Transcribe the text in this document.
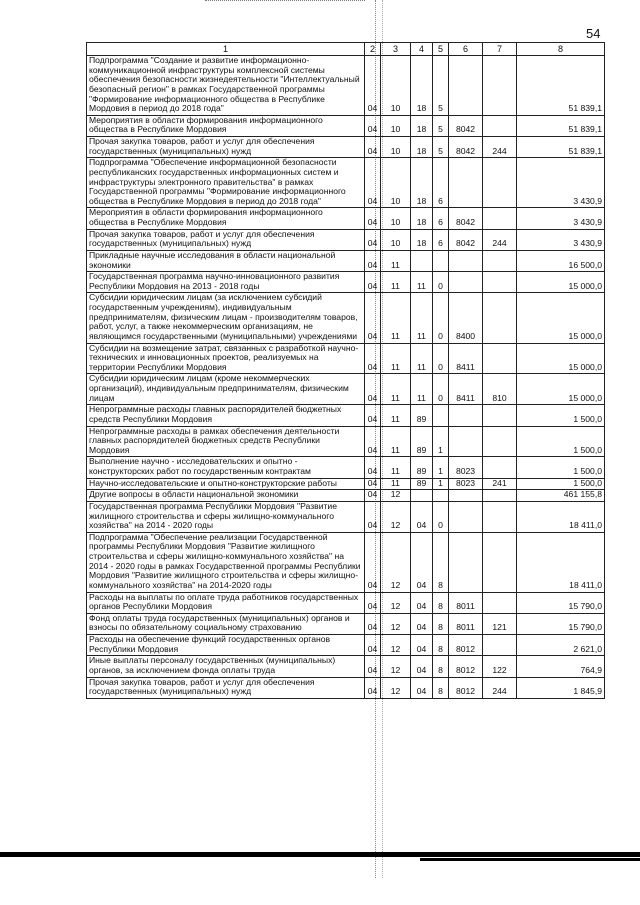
54
1	2	3	4	5	6	7	8
Подпрограмма "Создание и развитие информационно-коммуникационной инфраструктуры комплексной системы обеспечения безопасности жизнедеятельности "Интеллектуальный безопасный регион" в рамках Государственной программы "Формирование информационного общества в Республике Мордовия в период до 2018 года"	04	10	18	5			51 839,1
Мероприятия в области формирования информационного общества в Республике Мордовия	04	10	18	5	8042		51 839,1
Прочая закупка товаров, работ и услуг для обеспечения государственных (муниципальных) нужд	04	10	18	5	8042	244	51 839,1
Подпрограмма "Обеспечение информационной безопасности республиканских государственных информационных систем и инфраструктуры электронного правительства" в рамках Государственной программы "Формирование информационного общества в Республике Мордовия в период до 2018 года"	04	10	18	6			3 430,9
Мероприятия в области формирования информационного общества в Республике Мордовия	04	10	18	6	8042		3 430,9
Прочая закупка товаров, работ и услуг для обеспечения государственных (муниципальных) нужд	04	10	18	6	8042	244	3 430,9
Прикладные научные исследования в области национальной экономики	04	11					16 500,0
Государственная программа научно-инновационного развития Республики Мордовия на 2013 - 2018 годы	04	11	11	0			15 000,0
Субсидии юридическим лицам (за исключением субсидий государственным учреждениям), индивидуальным предпринимателям, физическим лицам - производителям товаров, работ, услуг, а также некоммерческим организациям, не являющимся государственными (муниципальными) учреждениями	04	11	11	0	8400		15 000,0
Субсидии на возмещение затрат, связанных с разработкой научно-технических и инновационных проектов, реализуемых на территории Республики Мордовия	04	11	11	0	8411		15 000,0
Субсидии юридическим лицам (кроме некоммерческих организаций), индивидуальным предпринимателям, физическим лицам	04	11	11	0	8411	810	15 000,0
Непрограммные расходы главных распорядителей бюджетных средств Республики Мордовия	04	11	89				1 500,0
Непрограммные расходы в рамках обеспечения деятельности главных распорядителей бюджетных средств Республики Мордовия	04	11	89	1			1 500,0
Выполнение научно - исследовательских и опытно - конструкторских работ по государственным контрактам	04	11	89	1	8023		1 500,0
Научно-исследовательские и опытно-конструкторские работы	04	11	89	1	8023	241	1 500,0
Другие вопросы в области национальной экономики	04	12					461 155,8
Государственная программа Республики Мордовия "Развитие жилищного строительства и сферы жилищно-коммунального хозяйства" на 2014 - 2020 годы	04	12	04	0			18 411,0
Подпрограмма "Обеспечение реализации Государственной программы Республики Мордовия "Развитие жилищного строительства и сферы жилищно-коммунального хозяйства" на 2014 - 2020 годы в рамках Государственной программы Республики Мордовия "Развитие жилищного строительства и сферы жилищно-коммунального хозяйства" на 2014-2020 годы	04	12	04	8			18 411,0
Расходы на выплаты по оплате труда работников государственных органов Республики Мордовия	04	12	04	8	8011		15 790,0
Фонд оплаты труда государственных (муниципальных) органов и взносы по обязательному социальному страхованию	04	12	04	8	8011	121	15 790,0
Расходы на обеспечение функций государственных органов Республики Мордовия	04	12	04	8	8012		2 621,0
Иные выплаты персоналу государственных (муниципальных) органов, за исключением фонда оплаты труда	04	12	04	8	8012	122	764,9
Прочая закупка товаров, работ и услуг для обеспечения государственных (муниципальных) нужд	04	12	04	8	8012	244	1 845,9
